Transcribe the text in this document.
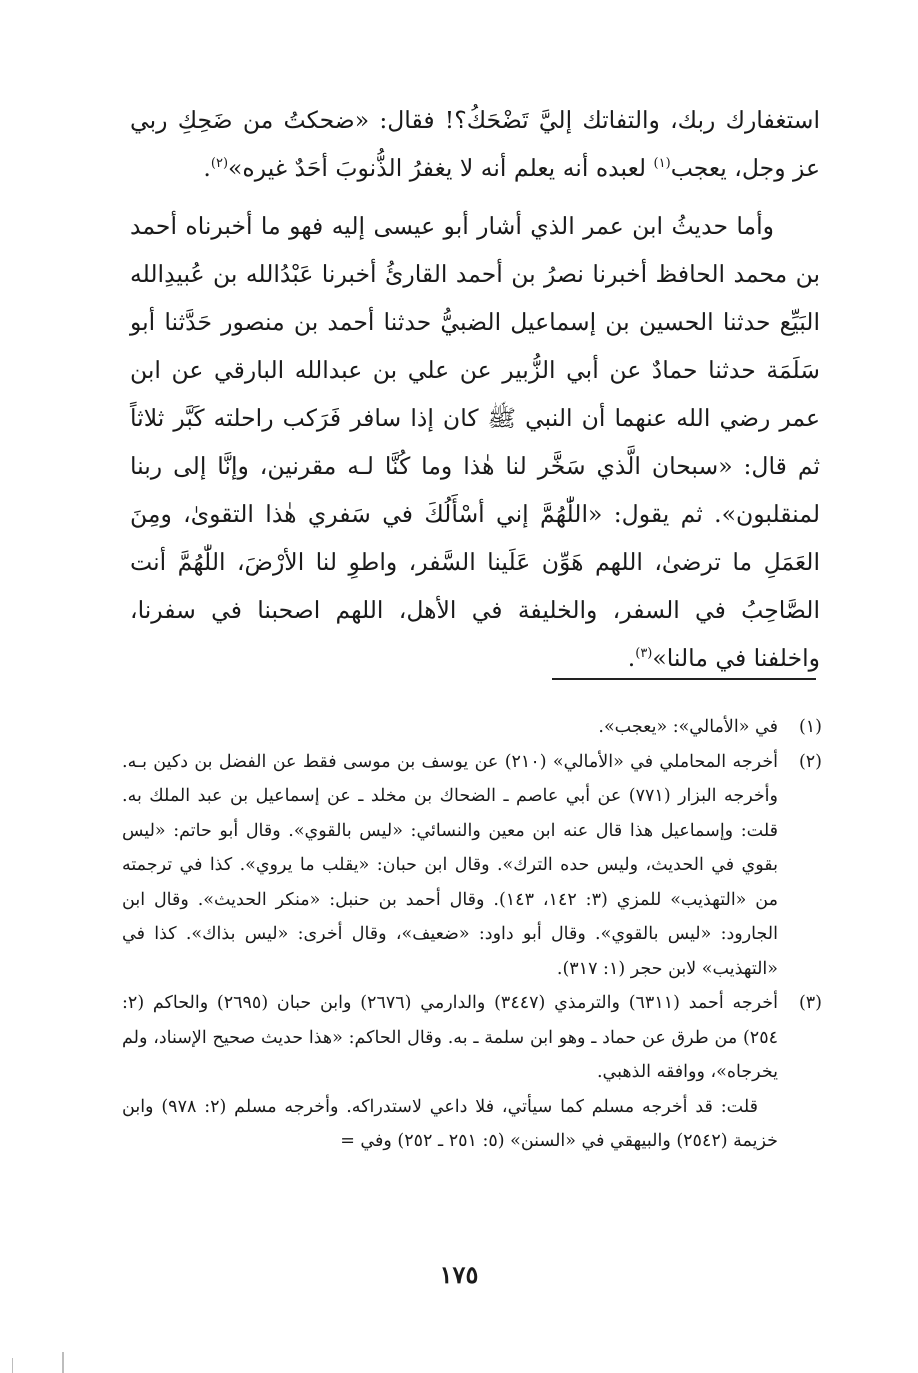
استغفارك ربك، والتفاتك إليَّ تَضْحَكُ؟! فقال: «ضحكتُ من ضَحِكِ ربي عز وجل، يعجب$^{(١)}$ لعبده أنه يعلم أنه لا يغفرُ الذُّنوبَ أحَدٌ غيره»$^{(٢)}$.

وأما حديثُ ابن عمر الذي أشار أبو عيسى إليه فهو ما أخبرناه أحمد بن محمد الحافظ أخبرنا نصرُ بن أحمد القارئُ أخبرنا عَبْدُالله بن عُبيدِالله البَيِّع حدثنا الحسين بن إسماعيل الضبيُّ حدثنا أحمد بن منصور حَدَّثنا أبو سَلَمَة حدثنا حمادٌ عن أبي الزُّبير عن علي بن عبدالله البارقي عن ابن عمر رضي الله عنهما أن النبي ﷺ كان إذا سافر فَرَكب راحلته كَبَّر ثلاثاً ثم قال: «سبحان الَّذي سَخَّر لنا هٰذا وما كُنَّا لـه مقرنين، وإنَّا إلى ربنا لمنقلبون». ثم يقول: «اللّٰهُمَّ إني أسْأَلُكَ في سَفري هٰذا التقوىٰ، ومِنَ العَمَلِ ما ترضىٰ، اللهم هَوِّن عَلَينا السَّفر، واطوِ لنا الأرْضَ، اللّٰهُمَّ أنت الصَّاحِبُ في السفر، والخليفة في الأهل، اللهم اصحبنا في سفرنا، واخلفنا في مالنا»$^{(٣)}$.

(١)
في «الأمالي»: «يعجب».
(٢)
أخرجه المحاملي في «الأمالي» (٢١٠) عن يوسف بن موسى فقط عن الفضل بن دكين بـه. وأخرجه البزار (٧٧١) عن أبي عاصم ـ الضحاك بن مخلد ـ عن إسماعيل بن عبد الملك به. قلت: وإسماعيل هذا قال عنه ابن معين والنسائي: «ليس بالقوي». وقال أبو حاتم: «ليس بقوي في الحديث، وليس حده الترك». وقال ابن حبان: «يقلب ما يروي». كذا في ترجمته من «التهذيب» للمزي (٣: ١٤٢، ١٤٣). وقال أحمد بن حنبل: «منكر الحديث». وقال ابن الجارود: «ليس بالقوي». وقال أبو داود: «ضعيف»، وقال أخرى: «ليس بذاك». كذا في «التهذيب» لابن حجر (١: ٣١٧).
(٣)
أخرجه أحمد (٦٣١١) والترمذي (٣٤٤٧) والدارمي (٢٦٧٦) وابن حبان (٢٦٩٥) والحاكم (٢: ٢٥٤) من طرق عن حماد ـ وهو ابن سلمة ـ به. وقال الحاكم: «هذا حديث صحيح الإسناد، ولم يخرجاه»، ووافقه الذهبي.
قلت: قد أخرجه مسلم كما سيأتي، فلا داعي لاستدراكه. وأخرجه مسلم (٢: ٩٧٨) وابن خزيمة (٢٥٤٢) والبيهقي في «السنن» (٥: ٢٥١ ـ ٢٥٢) وفي =
١٧٥
